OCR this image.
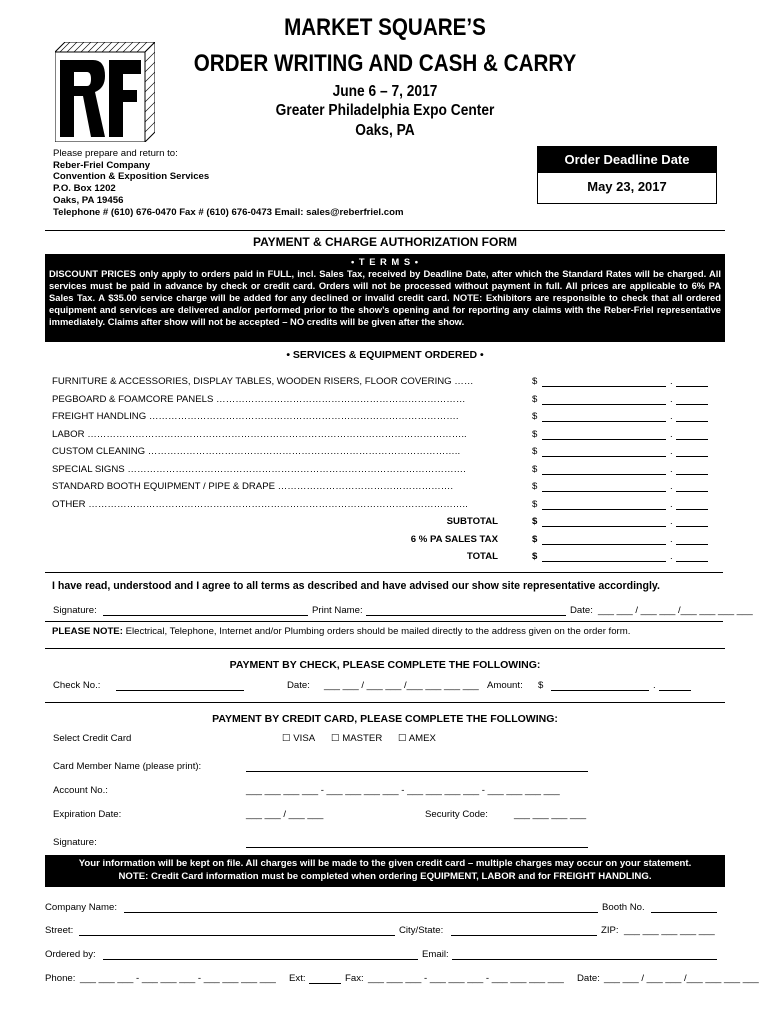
MARKET SQUARE’S
ORDER WRITING AND CASH & CARRY
June 6 – 7, 2017
Greater Philadelphia Expo Center
Oaks, PA
Please prepare and return to:
Reber-Friel Company
Convention & Exposition Services
P.O. Box 1202
Oaks, PA 19456
Telephone # (610) 676-0470 Fax # (610) 676-0473 Email: sales@reberfriel.com
Order Deadline Date
May 23, 2017
PAYMENT & CHARGE AUTHORIZATION FORM
• T E R M S •
DISCOUNT PRICES only apply to orders paid in FULL, incl. Sales Tax, received by Deadline Date, after which the Standard Rates will be charged. All services must be paid in advance by check or credit card. Orders will not be processed without payment in full. All prices are applicable to 6% PA Sales Tax. A $35.00 service charge will be added for any declined or invalid credit card. NOTE: Exhibitors are responsible to check that all ordered equipment and services are delivered and/or performed prior to the show’s opening and for reporting any claims with the Reber-Friel representative immediately. Claims after show will not be accepted – NO credits will be given after the show.
• SERVICES & EQUIPMENT ORDERED •
FURNITURE & ACCESSORIES, DISPLAY TABLES, WOODEN RISERS, FLOOR COVERING ……	$	.
PEGBOARD & FOAMCORE PANELS ……………………………………………………………………	$	.
FREIGHT HANDLING …………………………………………………………………………………….	$	.
LABOR ………………………………………………………………………………………………………..	$	.
CUSTOM CLEANING ……………………………………………………………………………………..	$	.
SPECIAL SIGNS …………………………………………………………………………………………….	$	.
STANDARD BOOTH EQUIPMENT / PIPE & DRAPE ……………………………………………….	$	.
OTHER ………………………………………………………………………………………………………..	$	.
SUBTOTAL	$	.
6 % PA SALES TAX	$	.
TOTAL	$	.
I have read, understood and I agree to all terms as described and have advised our show site representative accordingly.
Signature:	Print Name:	Date: ___ ___ / ___ ___ /___ ___ ___ ___
PLEASE NOTE: Electrical, Telephone, Internet and/or Plumbing orders should be mailed directly to the address given on the order form.
PAYMENT BY CHECK, PLEASE COMPLETE THE FOLLOWING:
Check No.:	Date: ___ ___ / ___ ___ /___ ___ ___ ___ Amount: $	.
PAYMENT BY CREDIT CARD, PLEASE COMPLETE THE FOLLOWING:
Select Credit Card	☐ VISA ☐ MASTER ☐ AMEX
Card Member Name (please print):
Account No.:	___ ___ ___ ___ - ___ ___ ___ ___ - ___ ___ ___ ___ - ___ ___ ___ ___
Expiration Date:	___ ___ / ___ ___	Security Code:	___ ___ ___ ___
Signature:
Your information will be kept on file. All charges will be made to the given credit card – multiple charges may occur on your statement.
NOTE: Credit Card information must be completed when ordering EQUIPMENT, LABOR and for FREIGHT HANDLING.
Company Name:	Booth No.
Street:	City/State:	ZIP: ___ ___ ___ ___ ___
Ordered by:	Email:
Phone: ___ ___ ___ - ___ ___ ___ - ___ ___ ___ ___ Ext:	Fax: ___ ___ ___ - ___ ___ ___ - ___ ___ ___ ___ Date: ___ ___ / ___ ___ /___ ___ ___ ___
